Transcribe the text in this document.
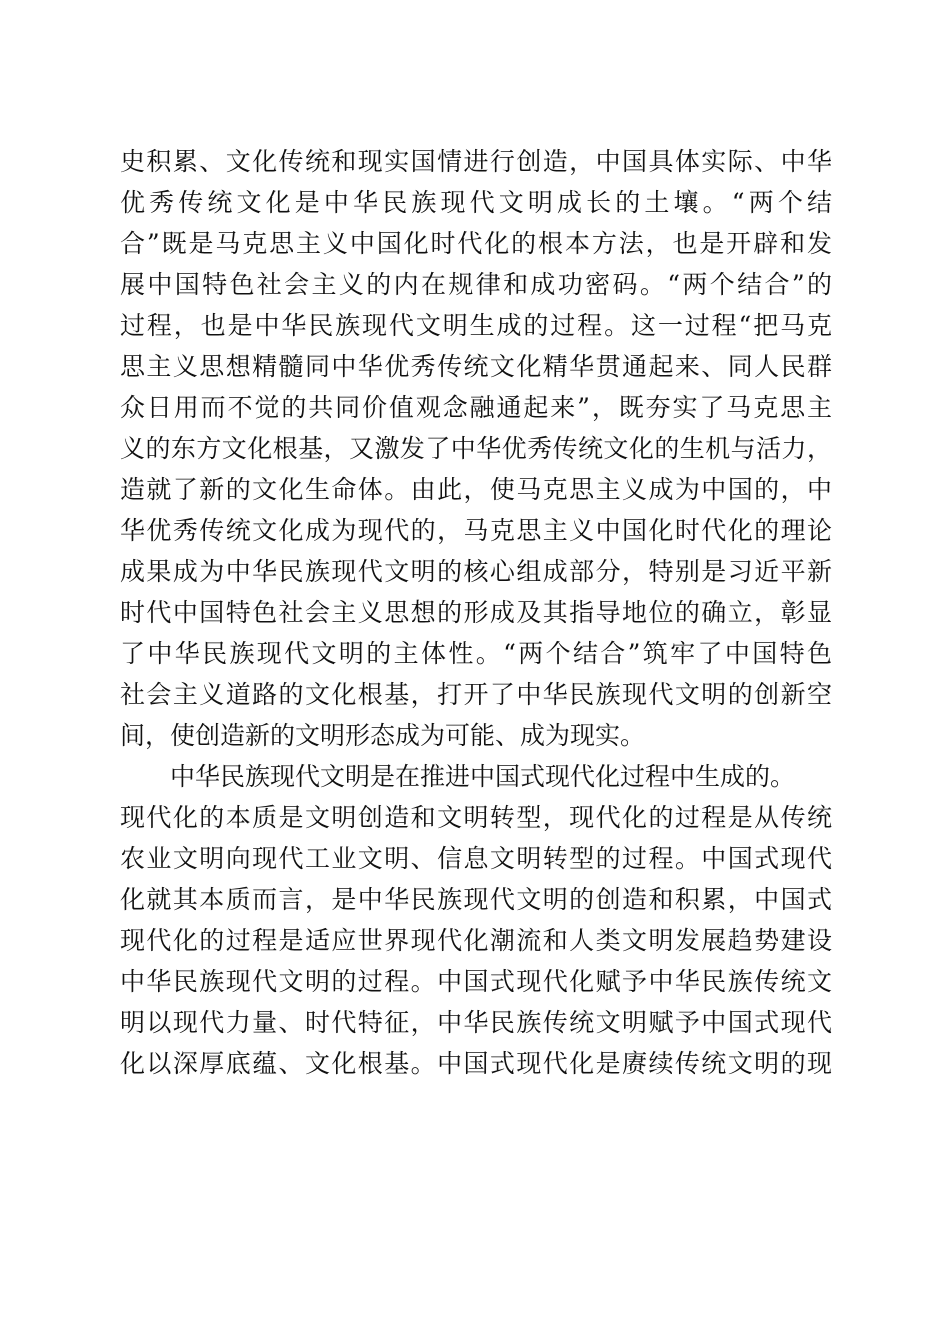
史积累、文化传统和现实国情进行创造，中国具体实际、中华
优秀传统文化是中华民族现代文明成长的土壤。“两个结
合”既是马克思主义中国化时代化的根本方法，也是开辟和发
展中国特色社会主义的内在规律和成功密码。“两个结合”的
过程，也是中华民族现代文明生成的过程。这一过程“把马克
思主义思想精髓同中华优秀传统文化精华贯通起来、同人民群
众日用而不觉的共同价值观念融通起来”，既夯实了马克思主
义的东方文化根基，又激发了中华优秀传统文化的生机与活力，
造就了新的文化生命体。由此，使马克思主义成为中国的，中
华优秀传统文化成为现代的，马克思主义中国化时代化的理论
成果成为中华民族现代文明的核心组成部分，特别是习近平新
时代中国特色社会主义思想的形成及其指导地位的确立，彰显
了中华民族现代文明的主体性。“两个结合”筑牢了中国特色
社会主义道路的文化根基，打开了中华民族现代文明的创新空
间，使创造新的文明形态成为可能、成为现实。
中华民族现代文明是在推进中国式现代化过程中生成的。
现代化的本质是文明创造和文明转型，现代化的过程是从传统
农业文明向现代工业文明、信息文明转型的过程。中国式现代
化就其本质而言，是中华民族现代文明的创造和积累，中国式
现代化的过程是适应世界现代化潮流和人类文明发展趋势建设
中华民族现代文明的过程。中国式现代化赋予中华民族传统文
明以现代力量、时代特征，中华民族传统文明赋予中国式现代
化以深厚底蕴、文化根基。中国式现代化是赓续传统文明的现
